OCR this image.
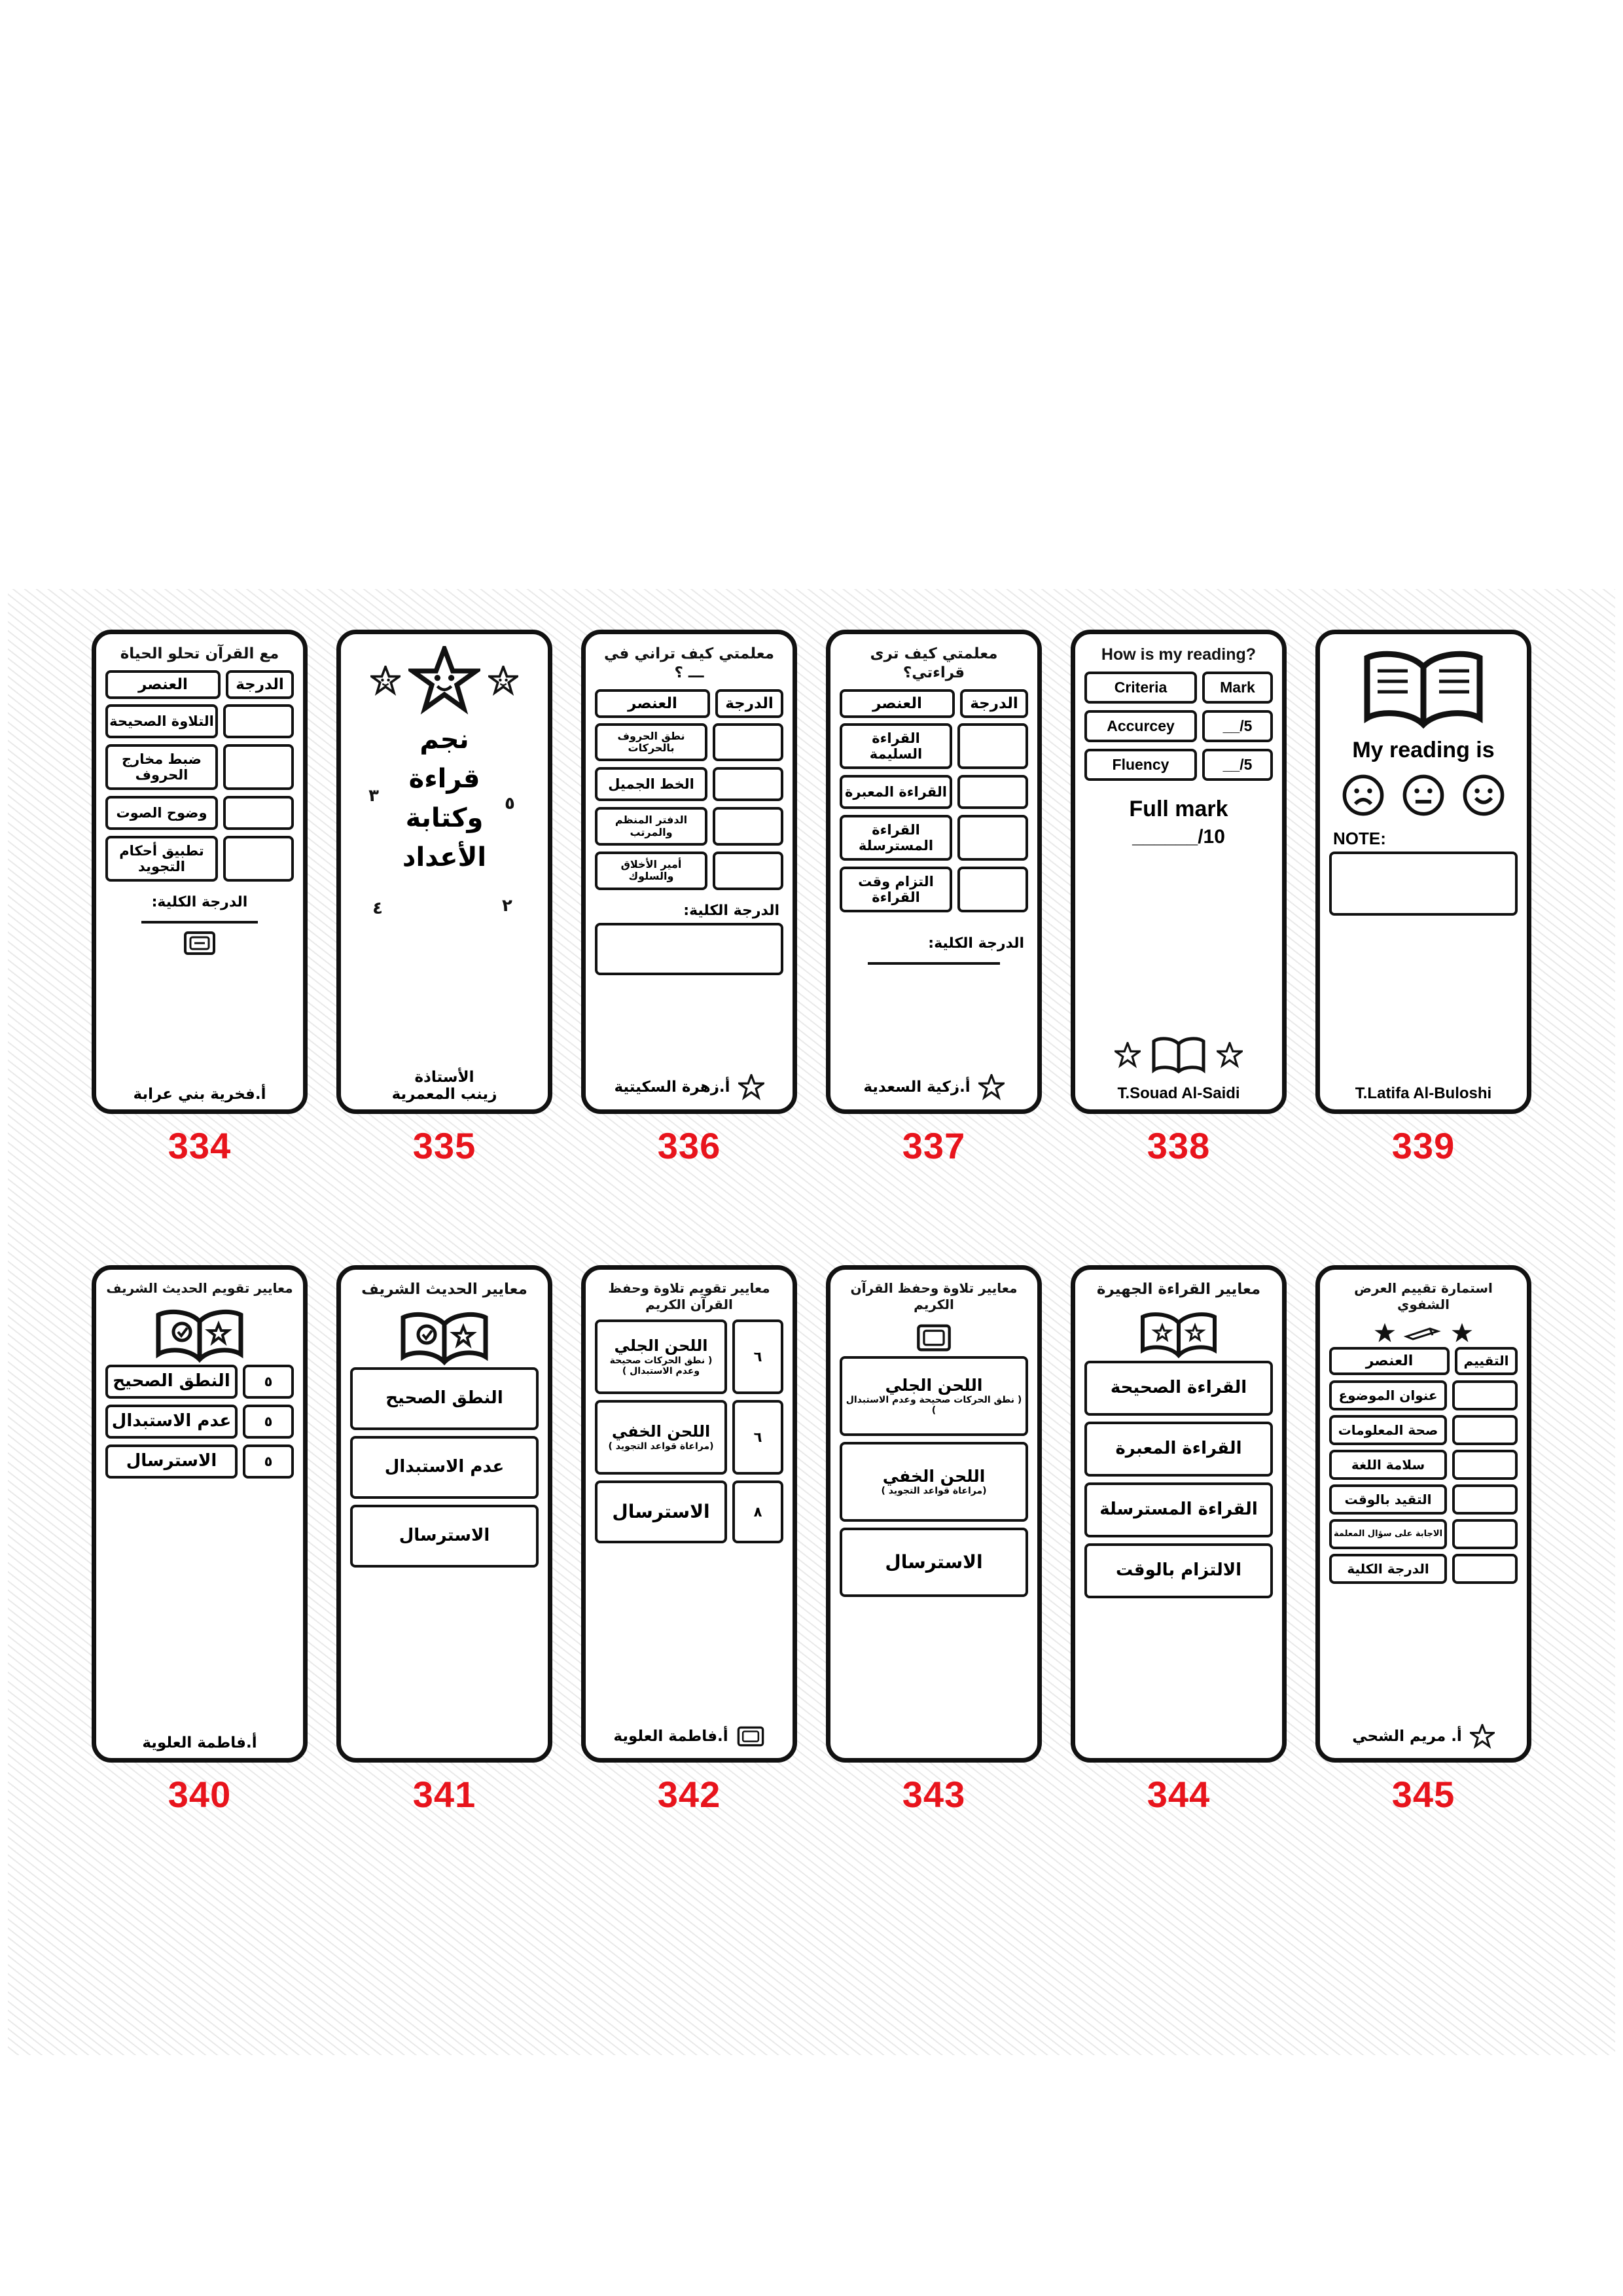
مع القرآن تحلو الحياة
العنصر	الدرجة
التلاوة الصحيحة
ضبط مخارج الحروف
وضوح الصوت
تطبيق أحكام التجويد
الدرجة الكلية:
أ.فخرية بني عرابة
334
نجم
قراءة
وكتابة
الأعداد
٣	٥
٤	٢
الأستاذة
زينب المعمرية
335
معلمتي كيف تراني في ـــ ؟
العنصر	الدرجة
نطق الحروف بالحركات
الخط الجميل
الدفتر المنظم والمرتب
أمير الأخلاق والسلوك
الدرجة الكلية:
أ.زهرة السكيتية
336
معلمتي كيف ترى قراءتي؟
العنصر	الدرجة
القراءة السليمة
القراءة المعبرة
القراءة المسترسلة
التزام وقت القراءة
الدرجة الكلية:
أ.زكية السعدية
337
How is my reading?
Criteria	Mark
Accurcey	__/5
Fluency	__/5
Full mark
______/10
T.Souad Al-Saidi
338
My reading is
NOTE:
T.Latifa Al-Buloshi
339
معايير تقويم الحديث الشريف
النطق الصحيح	٥
عدم الاستبدال	٥
الاسترسال	٥
أ.فاطمة العلوية
340
معايير الحديث الشريف
النطق الصحيح
عدم الاستبدال
الاسترسال
341
معايير تقويم تلاوة وحفظ القرآن الكريم
اللحن الجلي
( نطق الحركات صحيحة وعدم الاستبدال )
٦
اللحن الخفي
(مراعاة قواعد التجويد )
٦
الاسترسال	٨
أ.فاطمة العلوية
342
معايير تلاوة وحفظ القرآن الكريم
اللحن الجلي
( نطق الحركات صحيحة وعدم الاستبدال )
اللحن الخفي
(مراعاة قواعد التجويد )
الاسترسال
343
معايير القراءة الجهيرة
القراءة الصحيحة
القراءة المعبرة
القراءة المسترسلة
الالتزام بالوقت
344
استمارة تقييم العرض الشفوي
العنصر	التقييم
عنوان الموضوع
صحة المعلومات
سلامة اللغة
التقيد بالوقت
الاجابة على سؤال المعلمة
الدرجة الكلية
أ. مريم الشحي
345
